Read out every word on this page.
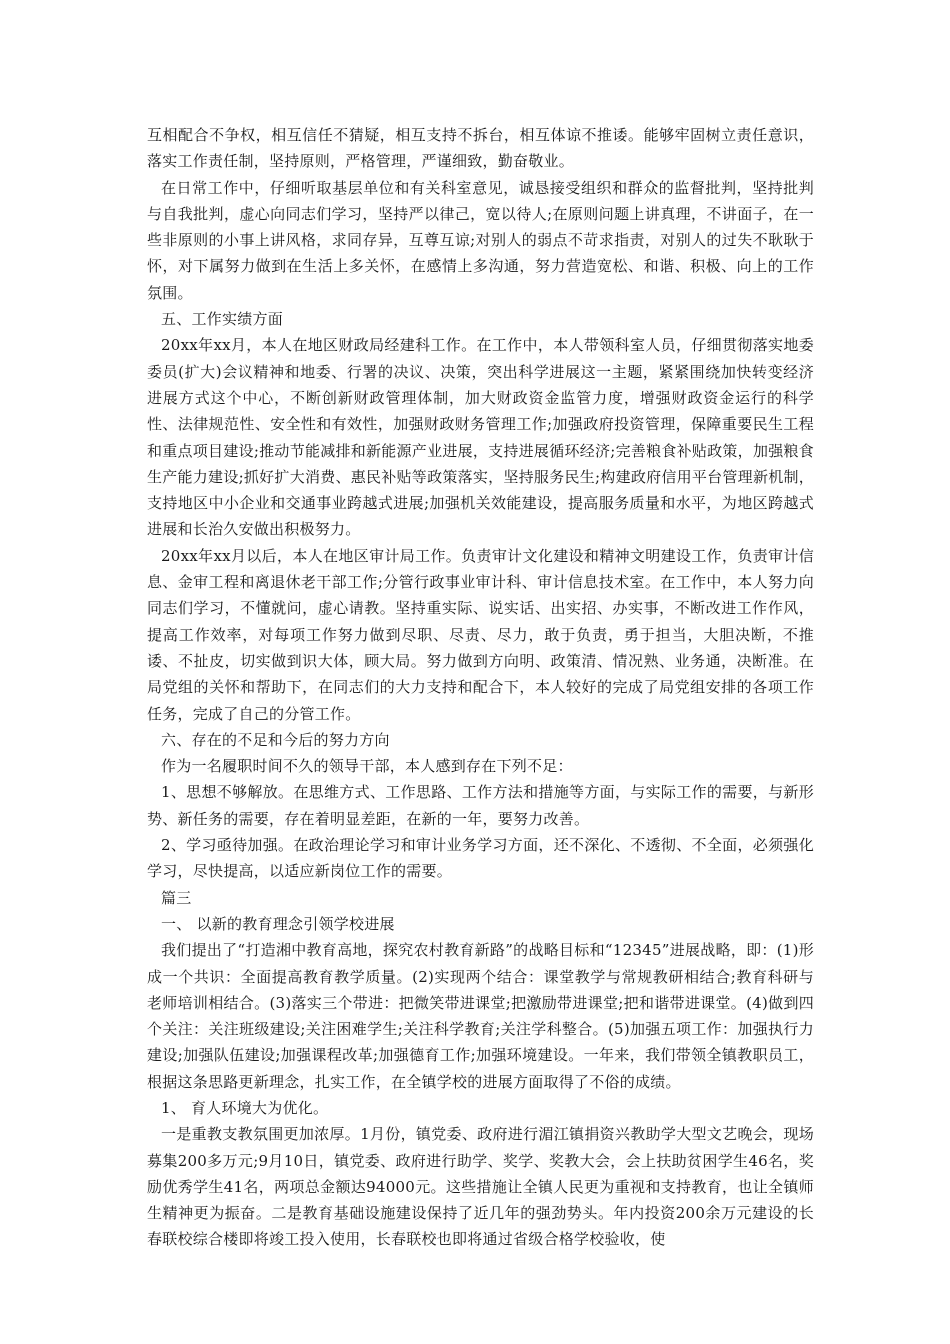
互相配合不争权，相互信任不猜疑，相互支持不拆台，相互体谅不推诿。能够牢固树立责任意识，落实工作责任制，坚持原则，严格管理，严谨细致，勤奋敬业。

在日常工作中，仔细听取基层单位和有关科室意见，诚恳接受组织和群众的监督批判，坚持批判与自我批判，虚心向同志们学习，坚持严以律己，宽以待人;在原则问题上讲真理，不讲面子，在一些非原则的小事上讲风格，求同存异，互尊互谅;对别人的弱点不苛求指责，对别人的过失不耿耿于怀，对下属努力做到在生活上多关怀，在感情上多沟通，努力营造宽松、和谐、积极、向上的工作氛围。

五、工作实绩方面

20xx年xx月，本人在地区财政局经建科工作。在工作中，本人带领科室人员，仔细贯彻落实地委委员(扩大)会议精神和地委、行署的决议、决策，突出科学进展这一主题，紧紧围绕加快转变经济进展方式这个中心，不断创新财政管理体制，加大财政资金监管力度，增强财政资金运行的科学性、法律规范性、安全性和有效性，加强财政财务管理工作;加强政府投资管理，保障重要民生工程和重点项目建设;推动节能减排和新能源产业进展，支持进展循环经济;完善粮食补贴政策，加强粮食生产能力建设;抓好扩大消费、惠民补贴等政策落实，坚持服务民生;构建政府信用平台管理新机制，支持地区中小企业和交通事业跨越式进展;加强机关效能建设，提高服务质量和水平，为地区跨越式进展和长治久安做出积极努力。

20xx年xx月以后，本人在地区审计局工作。负责审计文化建设和精神文明建设工作，负责审计信息、金审工程和离退休老干部工作;分管行政事业审计科、审计信息技术室。在工作中，本人努力向同志们学习，不懂就问，虚心请教。坚持重实际、说实话、出实招、办实事，不断改进工作作风，提高工作效率，对每项工作努力做到尽职、尽责、尽力，敢于负责，勇于担当，大胆决断，不推诿、不扯皮，切实做到识大体，顾大局。努力做到方向明、政策清、情况熟、业务通，决断准。在局党组的关怀和帮助下，在同志们的大力支持和配合下，本人较好的完成了局党组安排的各项工作任务，完成了自己的分管工作。

六、存在的不足和今后的努力方向

作为一名履职时间不久的领导干部，本人感到存在下列不足：

1、思想不够解放。在思维方式、工作思路、工作方法和措施等方面，与实际工作的需要，与新形势、新任务的需要，存在着明显差距，在新的一年，要努力改善。

2、学习亟待加强。在政治理论学习和审计业务学习方面，还不深化、不透彻、不全面，必须强化学习，尽快提高，以适应新岗位工作的需要。

篇三

一、 以新的教育理念引领学校进展

我们提出了“打造湘中教育高地，探究农村教育新路”的战略目标和“12345”进展战略，即：(1)形成一个共识：全面提高教育教学质量。(2)实现两个结合：课堂教学与常规教研相结合;教育科研与老师培训相结合。(3)落实三个带进：把微笑带进课堂;把激励带进课堂;把和谐带进课堂。(4)做到四个关注：关注班级建设;关注困难学生;关注科学教育;关注学科整合。(5)加强五项工作：加强执行力建设;加强队伍建设;加强课程改革;加强德育工作;加强环境建设。一年来，我们带领全镇教职员工，根据这条思路更新理念，扎实工作，在全镇学校的进展方面取得了不俗的成绩。

1、 育人环境大为优化。

一是重教支教氛围更加浓厚。1月份，镇党委、政府进行湄江镇捐资兴教助学大型文艺晚会，现场募集200多万元;9月10日，镇党委、政府进行助学、奖学、奖教大会，会上扶助贫困学生46名，奖励优秀学生41名，两项总金额达94000元。这些措施让全镇人民更为重视和支持教育，也让全镇师生精神更为振奋。二是教育基础设施建设保持了近几年的强劲势头。年内投资200余万元建设的长春联校综合楼即将竣工投入使用，长春联校也即将通过省级合格学校验收，使
